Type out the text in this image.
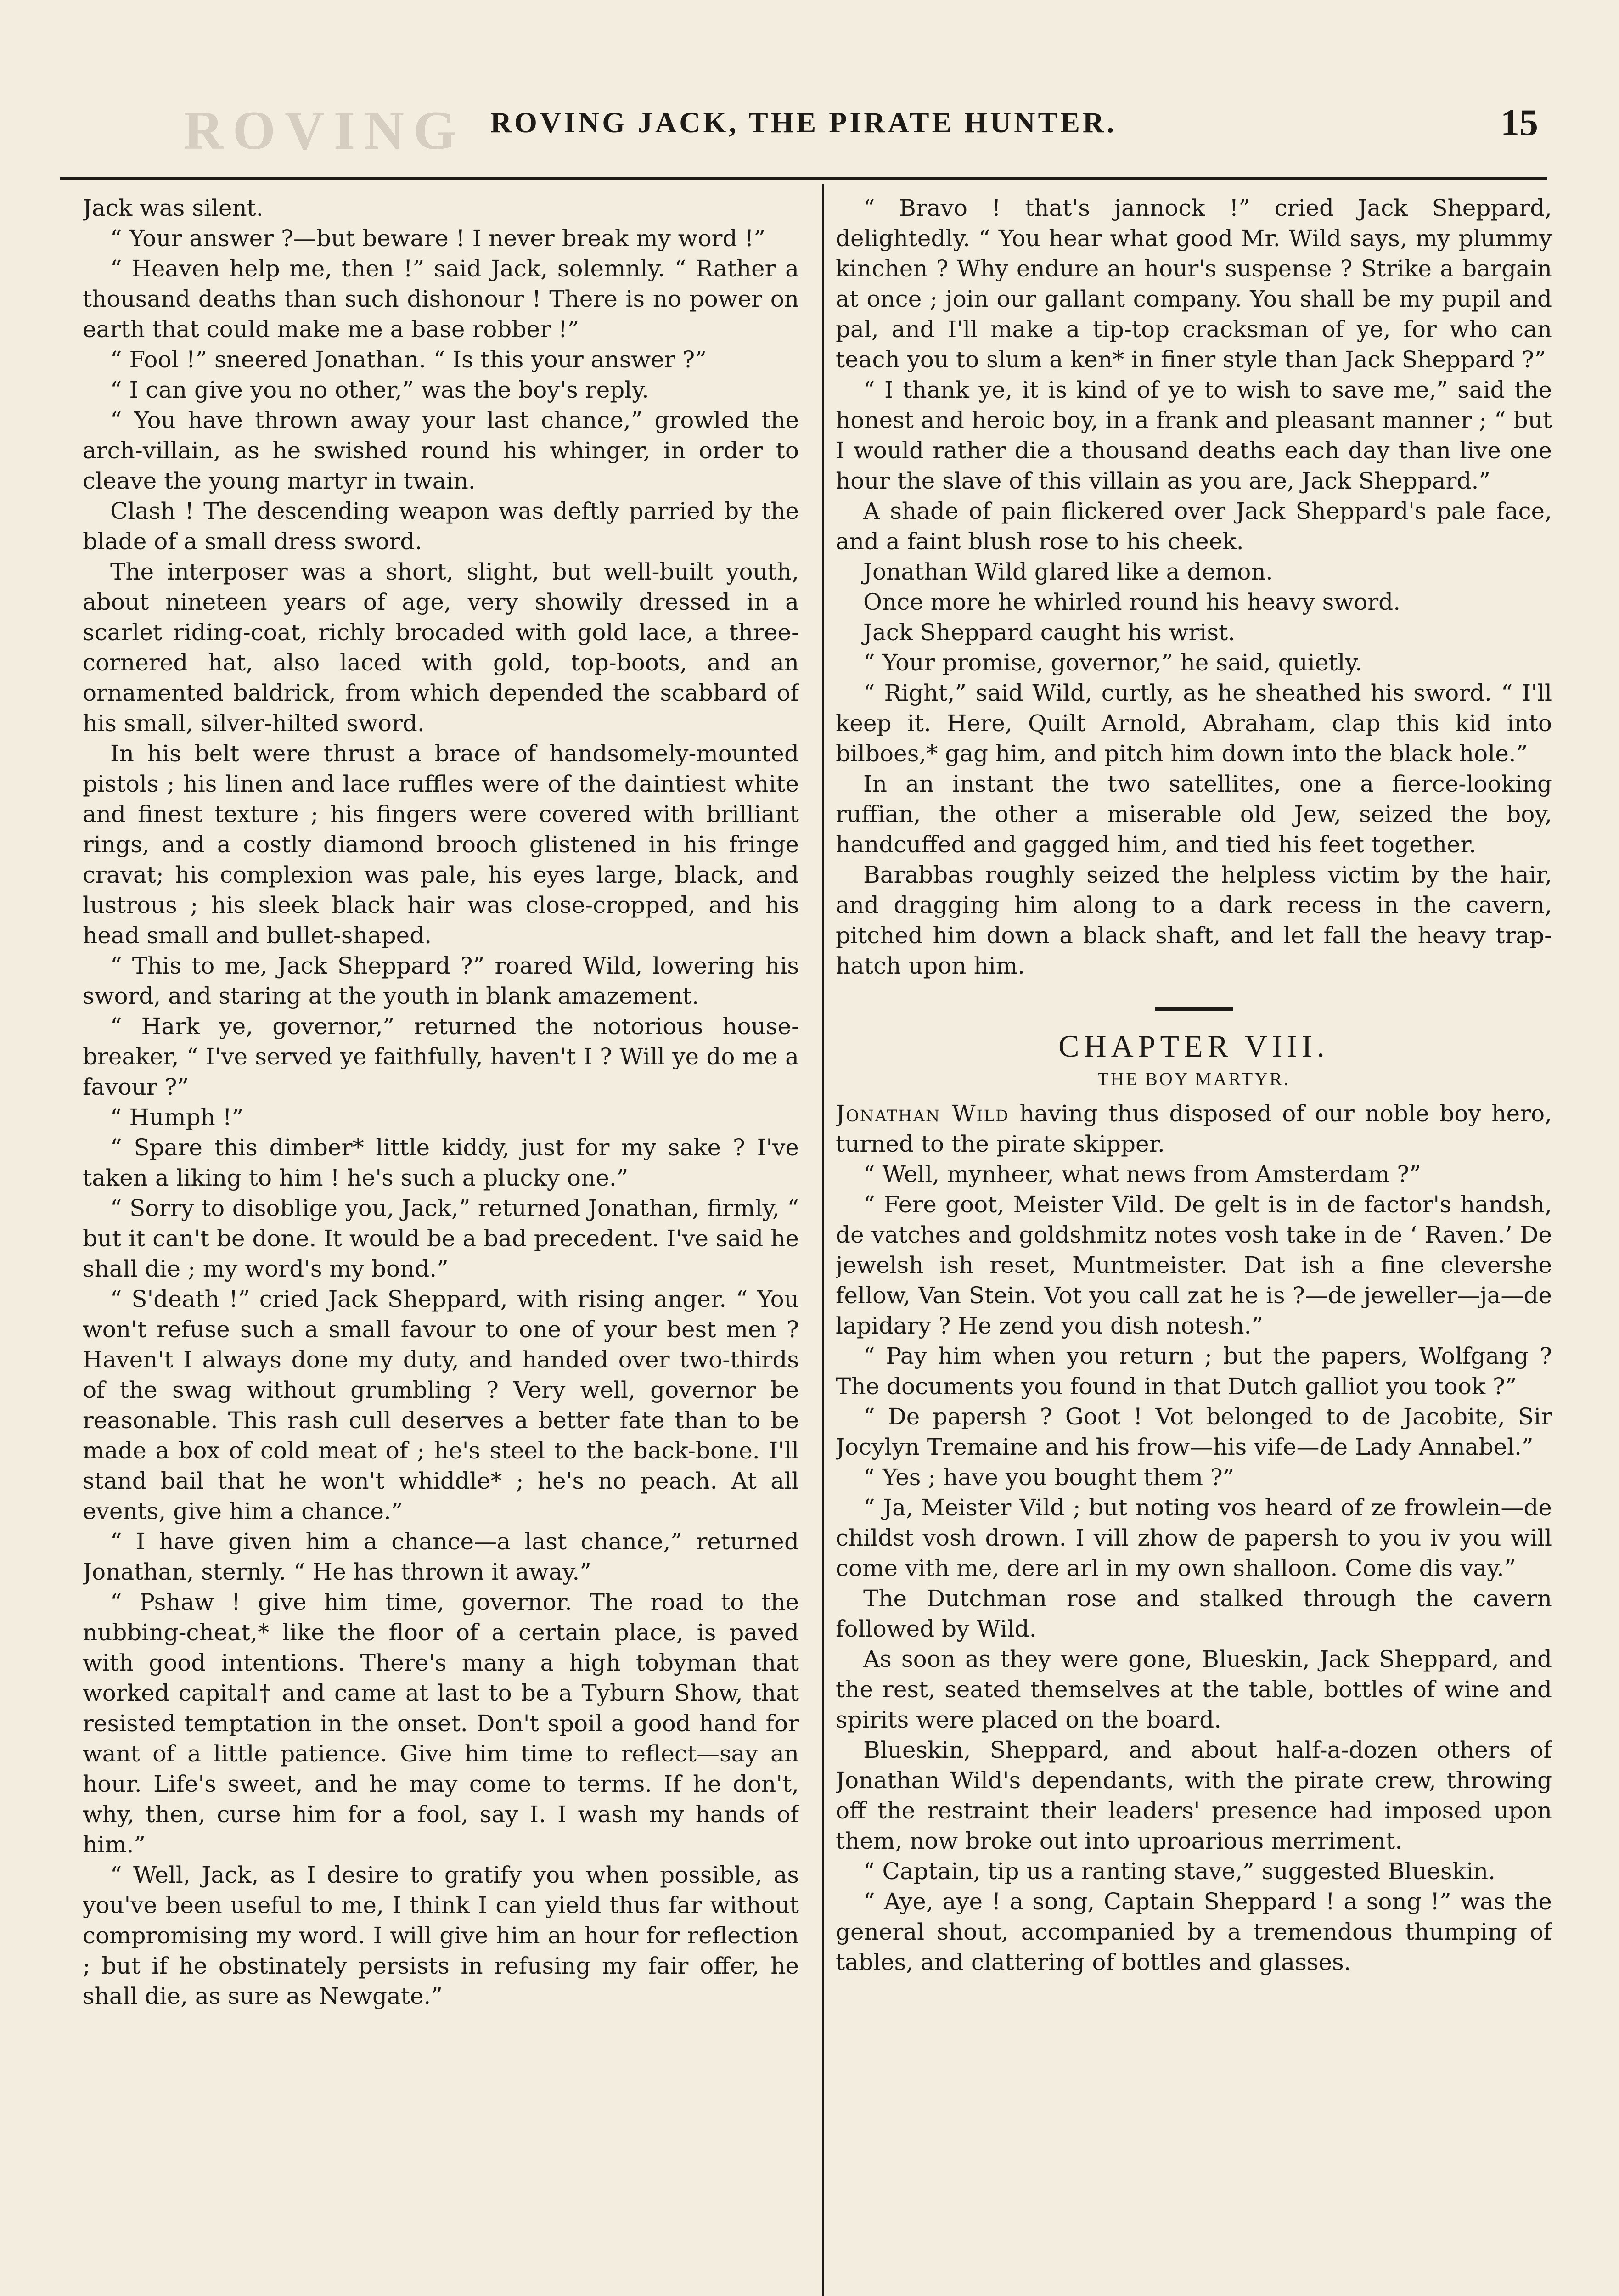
ROVING ROVING JACK, THE PIRATE HUNTER.	15

Jack was silent.

“ Your answer ?—but beware ! I never break my word !”

“ Heaven help me, then !” said Jack, solemnly. “ Rather a thousand deaths than such dishonour ! There is no power on earth that could make me a base robber !”

“ Fool !” sneered Jonathan. “ Is this your answer ?”

“ I can give you no other,” was the boy's reply.

“ You have thrown away your last chance,” growled the arch-villain, as he swished round his whinger, in order to cleave the young martyr in twain.

Clash ! The descending weapon was deftly parried by the blade of a small dress sword.

The interposer was a short, slight, but well-built youth, about nineteen years of age, very showily dressed in a scarlet riding-coat, richly brocaded with gold lace, a three-cornered hat, also laced with gold, top-boots, and an ornamented baldrick, from which depended the scabbard of his small, silver-hilted sword.

In his belt were thrust a brace of handsomely-mounted pistols ; his linen and lace ruffles were of the daintiest white and finest texture ; his fingers were covered with brilliant rings, and a costly diamond brooch glistened in his fringe cravat; his complexion was pale, his eyes large, black, and lustrous ; his sleek black hair was close-cropped, and his head small and bullet-shaped.

“ This to me, Jack Sheppard ?” roared Wild, lowering his sword, and staring at the youth in blank amazement.

“ Hark ye, governor,” returned the notorious house-breaker, “ I've served ye faithfully, haven't I ? Will ye do me a favour ?”

“ Humph !”

“ Spare this dimber* little kiddy, just for my sake ? I've taken a liking to him ! he's such a plucky one.”

“ Sorry to disoblige you, Jack,” returned Jonathan, firmly, “ but it can't be done. It would be a bad precedent. I've said he shall die ; my word's my bond.”

“ S'death !” cried Jack Sheppard, with rising anger. “ You won't refuse such a small favour to one of your best men ? Haven't I always done my duty, and handed over two-thirds of the swag without grumbling ? Very well, governor be reasonable. This rash cull deserves a better fate than to be made a box of cold meat of ; he's steel to the back-bone. I'll stand bail that he won't whiddle* ; he's no peach. At all events, give him a chance.”

“ I have given him a chance—a last chance,” returned Jonathan, sternly. “ He has thrown it away.”

“ Pshaw ! give him time, governor. The road to the nubbing-cheat,* like the floor of a certain place, is paved with good intentions. There's many a high tobyman that worked capital† and came at last to be a Tyburn Show, that resisted temptation in the onset. Don't spoil a good hand for want of a little patience. Give him time to reflect—say an hour. Life's sweet, and he may come to terms. If he don't, why, then, curse him for a fool, say I. I wash my hands of him.”

“ Well, Jack, as I desire to gratify you when possible, as you've been useful to me, I think I can yield thus far without compromising my word. I will give him an hour for reflection ; but if he obstinately persists in refusing my fair offer, he shall die, as sure as Newgate.”

“ Bravo ! that's jannock !” cried Jack Sheppard, delightedly. “ You hear what good Mr. Wild says, my plummy kinchen ? Why endure an hour's suspense ? Strike a bargain at once ; join our gallant company. You shall be my pupil and pal, and I'll make a tip-top cracksman of ye, for who can teach you to slum a ken* in finer style than Jack Sheppard ?”

“ I thank ye, it is kind of ye to wish to save me,” said the honest and heroic boy, in a frank and pleasant manner ; “ but I would rather die a thousand deaths each day than live one hour the slave of this villain as you are, Jack Sheppard.”

A shade of pain flickered over Jack Sheppard's pale face, and a faint blush rose to his cheek.

Jonathan Wild glared like a demon.

Once more he whirled round his heavy sword.

Jack Sheppard caught his wrist.

“ Your promise, governor,” he said, quietly.

“ Right,” said Wild, curtly, as he sheathed his sword. “ I'll keep it. Here, Quilt Arnold, Abraham, clap this kid into bilboes,* gag him, and pitch him down into the black hole.”

In an instant the two satellites, one a fierce-looking ruffian, the other a miserable old Jew, seized the boy, handcuffed and gagged him, and tied his feet together.

Barabbas roughly seized the helpless victim by the hair, and dragging him along to a dark recess in the cavern, pitched him down a black shaft, and let fall the heavy trap-hatch upon him.

CHAPTER VIII.
THE BOY MARTYR.

Jonathan Wild having thus disposed of our noble boy hero, turned to the pirate skipper.

“ Well, mynheer, what news from Amsterdam ?”

“ Fere goot, Meister Vild. De gelt is in de factor's handsh, de vatches and goldshmitz notes vosh take in de ‘ Raven.’ De jewelsh ish reset, Muntmeister. Dat ish a fine clevershe fellow, Van Stein. Vot you call zat he is ?—de jeweller—ja—de lapidary ? He zend you dish notesh.”

“ Pay him when you return ; but the papers, Wolfgang ? The documents you found in that Dutch galliot you took ?”

“ De papersh ? Goot ! Vot belonged to de Jacobite, Sir Jocylyn Tremaine and his frow—his vife—de Lady Annabel.”

“ Yes ; have you bought them ?”

“ Ja, Meister Vild ; but noting vos heard of ze frowlein—de childst vosh drown. I vill zhow de papersh to you iv you will come vith me, dere arl in my own shalloon. Come dis vay.”

The Dutchman rose and stalked through the cavern followed by Wild.

As soon as they were gone, Blueskin, Jack Sheppard, and the rest, seated themselves at the table, bottles of wine and spirits were placed on the board.

Blueskin, Sheppard, and about half-a-dozen others of Jonathan Wild's dependants, with the pirate crew, throwing off the restraint their leaders' presence had imposed upon them, now broke out into uproarious merriment.

“ Captain, tip us a ranting stave,” suggested Blueskin.

“ Aye, aye ! a song, Captain Sheppard ! a song !” was the general shout, accompanied by a tremendous thumping of tables, and clattering of bottles and glasses.
